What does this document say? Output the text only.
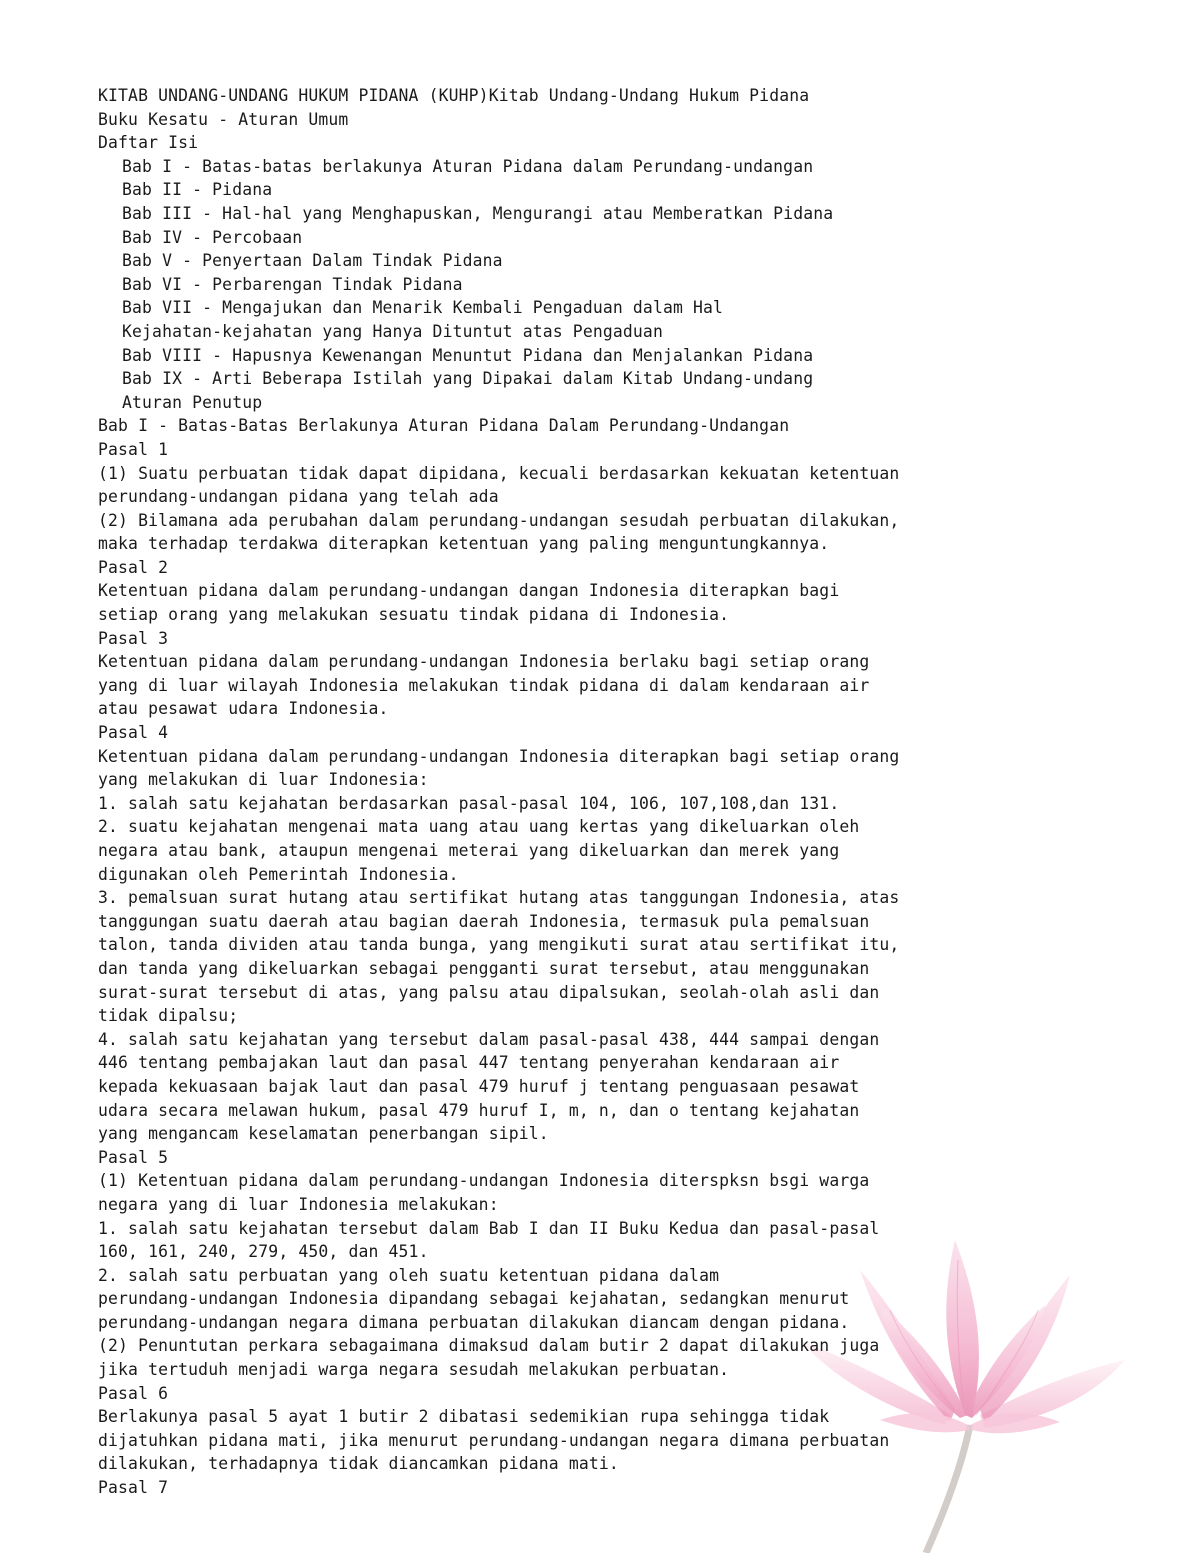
KITAB UNDANG-UNDANG HUKUM PIDANA (KUHP)Kitab Undang-Undang Hukum Pidana
Buku Kesatu - Aturan Umum
Daftar Isi
Bab I - Batas-batas berlakunya Aturan Pidana dalam Perundang-undangan
Bab II - Pidana
Bab III - Hal-hal yang Menghapuskan, Mengurangi atau Memberatkan Pidana
Bab IV - Percobaan
Bab V - Penyertaan Dalam Tindak Pidana
Bab VI - Perbarengan Tindak Pidana
Bab VII - Mengajukan dan Menarik Kembali Pengaduan dalam Hal
Kejahatan-kejahatan yang Hanya Dituntut atas Pengaduan
Bab VIII - Hapusnya Kewenangan Menuntut Pidana dan Menjalankan Pidana
Bab IX - Arti Beberapa Istilah yang Dipakai dalam Kitab Undang-undang
Aturan Penutup
Bab I - Batas-Batas Berlakunya Aturan Pidana Dalam Perundang-Undangan
Pasal 1
(1) Suatu perbuatan tidak dapat dipidana, kecuali berdasarkan kekuatan ketentuan
perundang-undangan pidana yang telah ada
(2) Bilamana ada perubahan dalam perundang-undangan sesudah perbuatan dilakukan,
maka terhadap terdakwa diterapkan ketentuan yang paling menguntungkannya.
Pasal 2
Ketentuan pidana dalam perundang-undangan dangan Indonesia diterapkan bagi
setiap orang yang melakukan sesuatu tindak pidana di Indonesia.
Pasal 3
Ketentuan pidana dalam perundang-undangan Indonesia berlaku bagi setiap orang
yang di luar wilayah Indonesia melakukan tindak pidana di dalam kendaraan air
atau pesawat udara Indonesia.
Pasal 4
Ketentuan pidana dalam perundang-undangan Indonesia diterapkan bagi setiap orang
yang melakukan di luar Indonesia:
1. salah satu kejahatan berdasarkan pasal-pasal 104, 106, 107,108,dan 131.
2. suatu kejahatan mengenai mata uang atau uang kertas yang dikeluarkan oleh
negara atau bank, ataupun mengenai meterai yang dikeluarkan dan merek yang
digunakan oleh Pemerintah Indonesia.
3. pemalsuan surat hutang atau sertifikat hutang atas tanggungan Indonesia, atas
tanggungan suatu daerah atau bagian daerah Indonesia, termasuk pula pemalsuan
talon, tanda dividen atau tanda bunga, yang mengikuti surat atau sertifikat itu,
dan tanda yang dikeluarkan sebagai pengganti surat tersebut, atau menggunakan
surat-surat tersebut di atas, yang palsu atau dipalsukan, seolah-olah asli dan
tidak dipalsu;
4. salah satu kejahatan yang tersebut dalam pasal-pasal 438, 444 sampai dengan
446 tentang pembajakan laut dan pasal 447 tentang penyerahan kendaraan air
kepada kekuasaan bajak laut dan pasal 479 huruf j tentang penguasaan pesawat
udara secara melawan hukum, pasal 479 huruf I, m, n, dan o tentang kejahatan
yang mengancam keselamatan penerbangan sipil.
Pasal 5
(1) Ketentuan pidana dalam perundang-undangan Indonesia diterspksn bsgi warga
negara yang di luar Indonesia melakukan:
1. salah satu kejahatan tersebut dalam Bab I dan II Buku Kedua dan pasal-pasal
160, 161, 240, 279, 450, dan 451.
2. salah satu perbuatan yang oleh suatu ketentuan pidana dalam
perundang-undangan Indonesia dipandang sebagai kejahatan, sedangkan menurut
perundang-undangan negara dimana perbuatan dilakukan diancam dengan pidana.
(2) Penuntutan perkara sebagaimana dimaksud dalam butir 2 dapat dilakukan juga
jika tertuduh menjadi warga negara sesudah melakukan perbuatan.
Pasal 6
Berlakunya pasal 5 ayat 1 butir 2 dibatasi sedemikian rupa sehingga tidak
dijatuhkan pidana mati, jika menurut perundang-undangan negara dimana perbuatan
dilakukan, terhadapnya tidak diancamkan pidana mati.
Pasal 7
